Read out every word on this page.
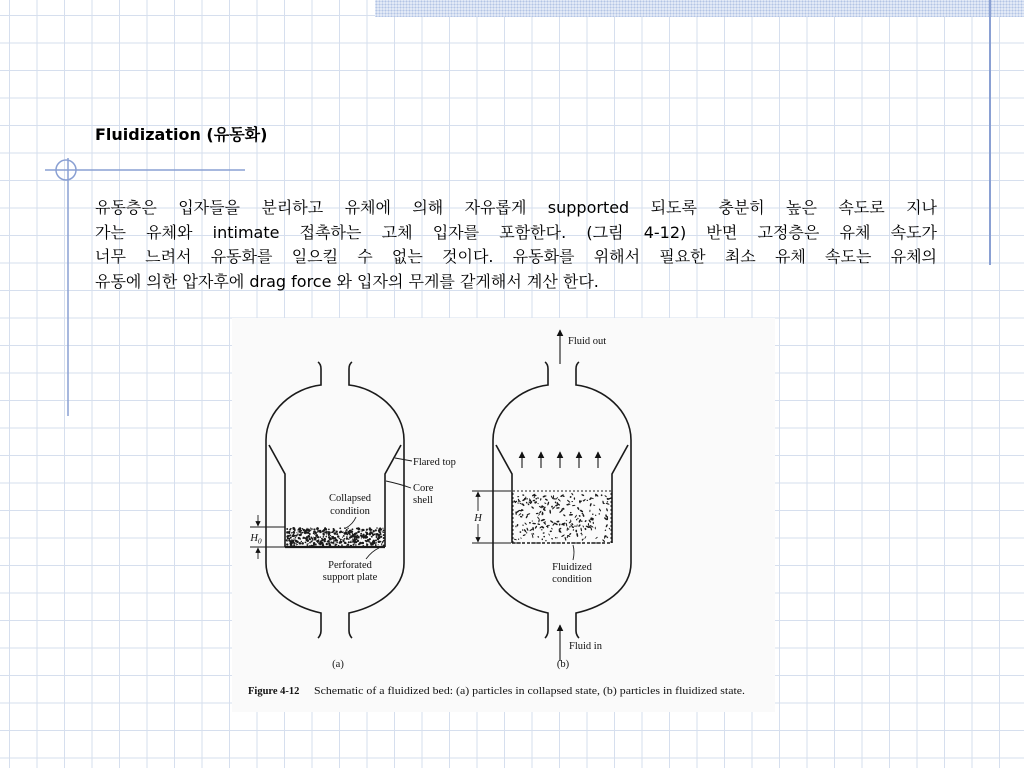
Fluidization (유동화)
유동층은 입자들을 분리하고 유체에 의해 자유롭게 supported 되도록 충분히 높은 속도로 지나
가는 유체와 intimate 접촉하는 고체 입자를 포함한다. (그림 4-12) 반면 고정층은 유체 속도가
너무 느려서 유동화를 일으킬 수 없는 것이다. 유동화를 위해서 필요한 최소 유체 속도는 유체의
유동에 의한 압자후에 drag force 와 입자의 무게를 같게해서 계산 한다.
$H_0$
Flared top
Core
shell
Collapsed
condition
Perforated
support plate
(a)
H
Fluid out
Fluidized
condition
Fluid in
(b)
Figure 4-12 Schematic of a fluidized bed: (a) particles in collapsed state, (b) particles in fluidized state.
